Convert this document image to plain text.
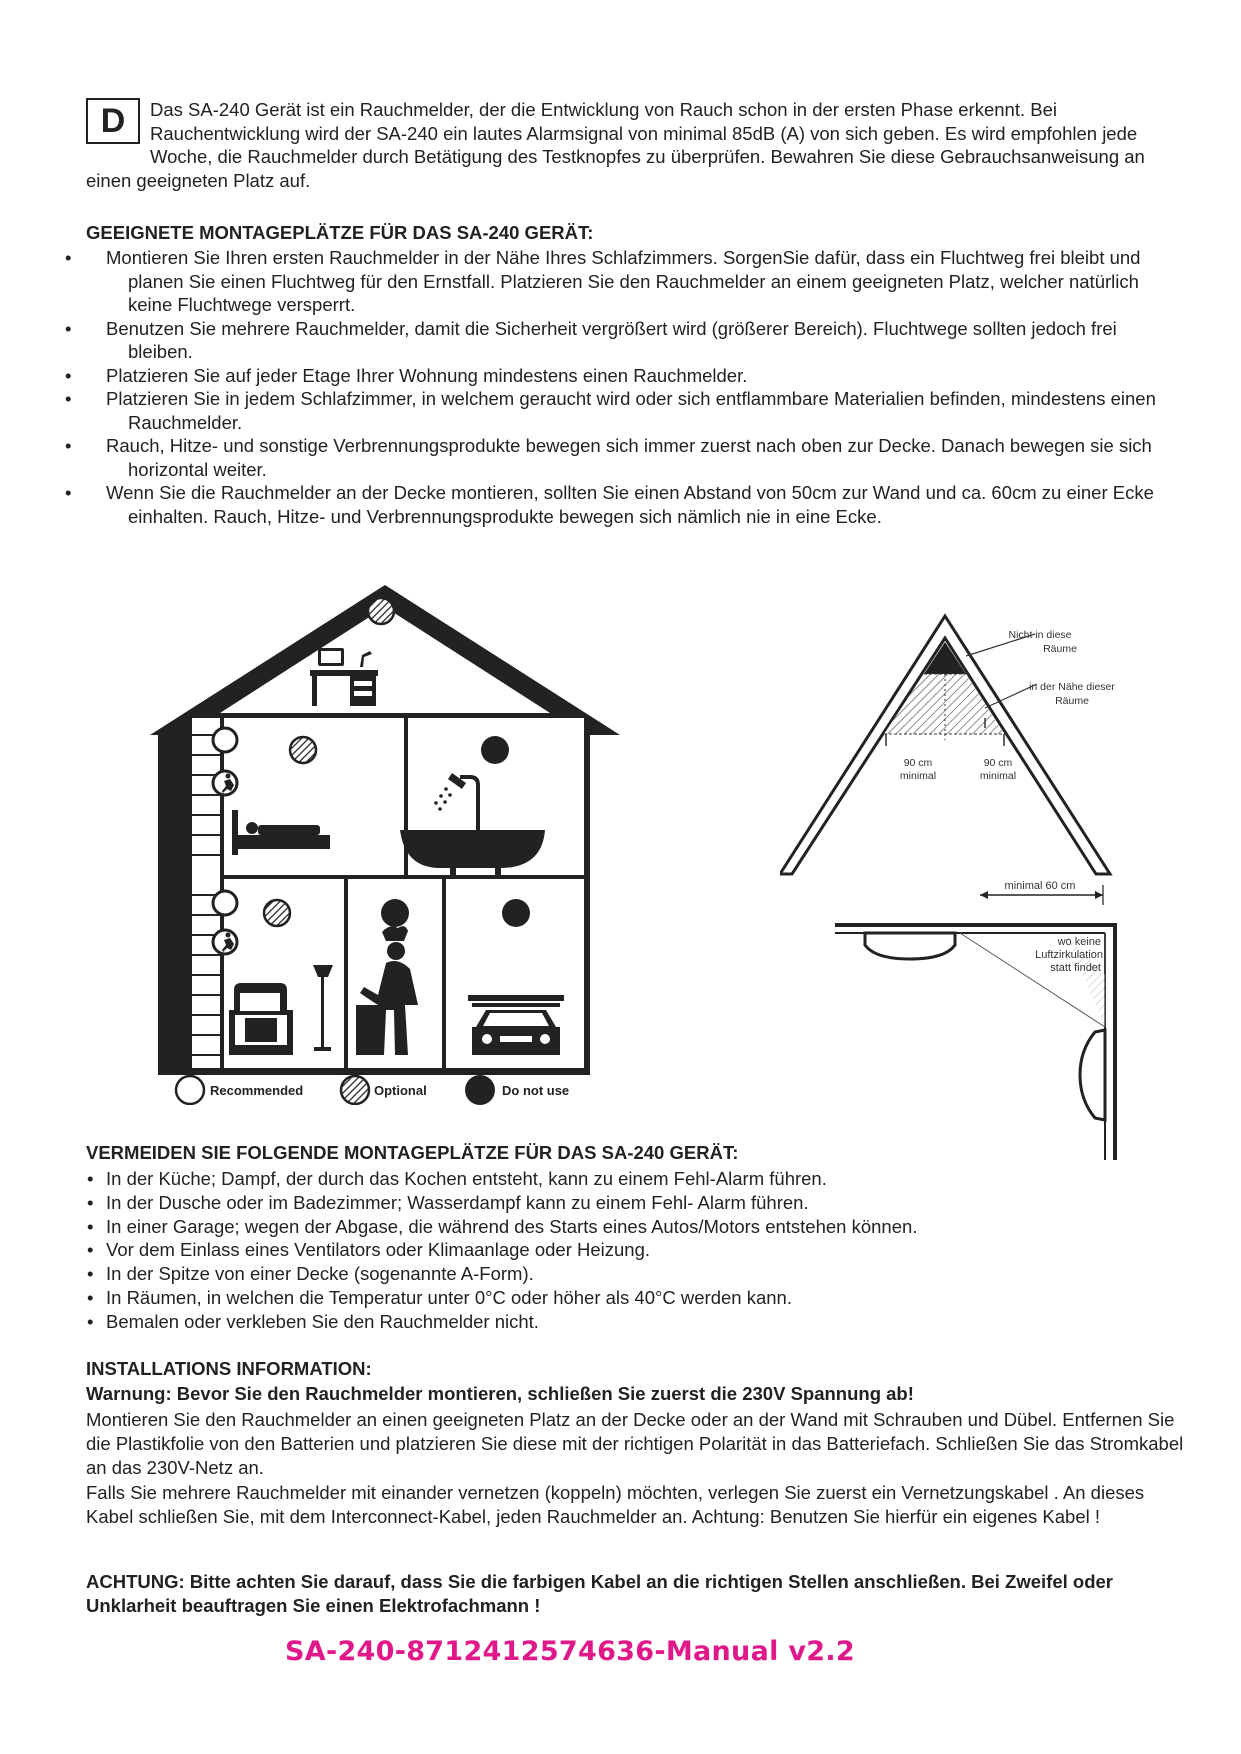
D	Das SA-240 Gerät ist ein Rauchmelder, der die Entwicklung von Rauch schon in der ersten Phase erkennt. Bei Rauchentwicklung wird der SA-240 ein lautes Alarmsignal von minimal 85dB (A) von sich geben. Es wird empfohlen jede Woche, die Rauchmelder durch Betätigung des Testknopfes zu überprüfen. Bewahren Sie diese Gebrauchsanweisung an einen geeigneten Platz auf.

GEEIGNETE MONTAGEPLÄTZE FÜR DAS SA-240 GERÄT:
• Montieren Sie Ihren ersten Rauchmelder in der Nähe Ihres Schlafzimmers. SorgenSie dafür, dass ein Fluchtweg frei bleibt und planen Sie einen Fluchtweg für den Ernstfall. Platzieren Sie den Rauchmelder an einem geeigneten Platz, welcher natürlich keine Fluchtwege versperrt.
• Benutzen Sie mehrere Rauchmelder, damit die Sicherheit vergrößert wird (größerer Bereich). Fluchtwege sollten jedoch frei bleiben.
• Platzieren Sie auf jeder Etage Ihrer Wohnung mindestens einen Rauchmelder.
• Platzieren Sie in jedem Schlafzimmer, in welchem geraucht wird oder sich entflammbare Materialien befinden, mindestens einen Rauchmelder.
• Rauch, Hitze- und sonstige Verbrennungsprodukte bewegen sich immer zuerst nach oben zur Decke. Danach bewegen sie sich horizontal weiter.
• Wenn Sie die Rauchmelder an der Decke montieren, sollten Sie einen Abstand von 50cm zur Wand und ca. 60cm zu einer Ecke einhalten. Rauch, Hitze- und Verbrennungsprodukte bewegen sich nämlich nie in eine Ecke.
Recommended	Optional	Do not use
Nicht in diese
Räume
in der Nähe dieser
Räume
90 cm
minimal
90 cm
minimal
minimal 60 cm
wo keine
Luftzirkulation
statt findet
VERMEIDEN SIE FOLGENDE MONTAGEPLÄTZE FÜR DAS SA-240 GERÄT:
• In der Küche; Dampf, der durch das Kochen entsteht, kann zu einem Fehl-Alarm führen.
• In der Dusche oder im Badezimmer; Wasserdampf kann zu einem Fehl- Alarm führen.
• In einer Garage; wegen der Abgase, die während des Starts eines Autos/Motors entstehen können.
• Vor dem Einlass eines Ventilators oder Klimaanlage oder Heizung.
• In der Spitze von einer Decke (sogenannte A-Form).
• In Räumen, in welchen die Temperatur unter 0°C oder höher als 40°C werden kann.
• Bemalen oder verkleben Sie den Rauchmelder nicht.
INSTALLATIONS INFORMATION:

Warnung: Bevor Sie den Rauchmelder montieren, schließen Sie zuerst die 230V Spannung ab!

Montieren Sie den Rauchmelder an einen geeigneten Platz an der Decke oder an der Wand mit Schrauben und Dübel. Entfernen Sie die Plastikfolie von den Batterien und platzieren Sie diese mit der richtigen Polarität in das Batteriefach. Schließen Sie das Stromkabel an das 230V-Netz an.

Falls Sie mehrere Rauchmelder mit einander vernetzen (koppeln) möchten, verlegen Sie zuerst ein Vernetzungskabel . An dieses Kabel schließen Sie, mit dem Interconnect-Kabel, jeden Rauchmelder an. Achtung: Benutzen Sie hierfür ein eigenes Kabel !

ACHTUNG: Bitte achten Sie darauf, dass Sie die farbigen Kabel an die richtigen Stellen anschließen. Bei Zweifel oder Unklarheit beauftragen Sie einen Elektrofachmann !

SA-240-8712412574636-Manual v2.2
